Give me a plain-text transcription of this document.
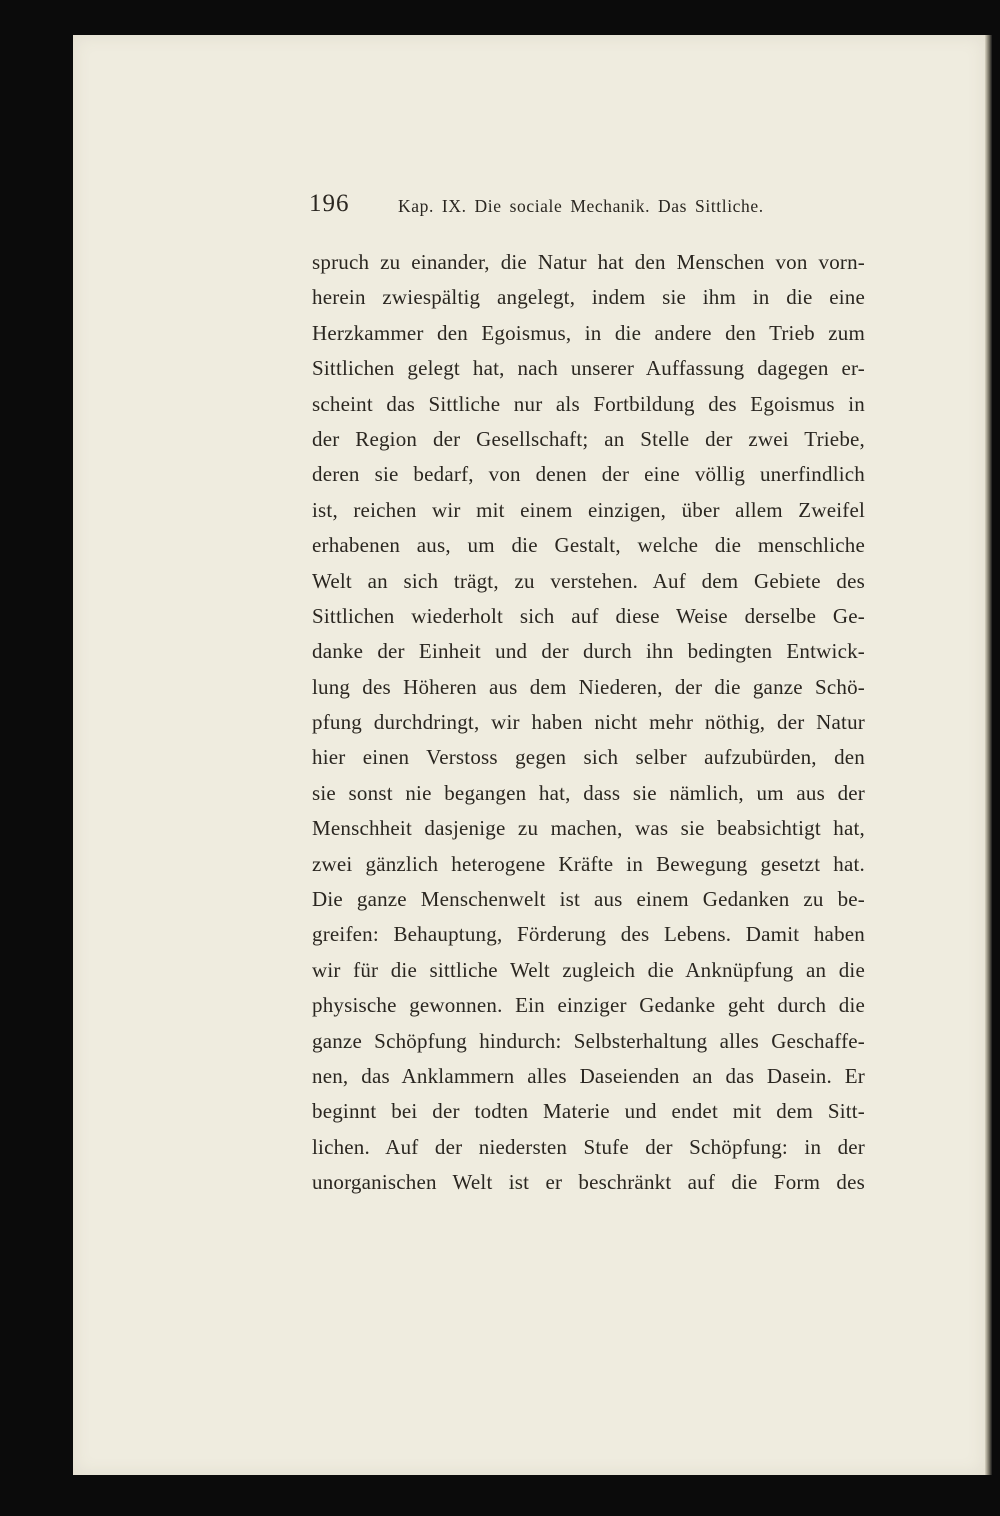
196	Kap. IX. Die sociale Mechanik. Das Sittliche.
spruch zu einander, die Natur hat den Menschen von vorn-
herein zwiespältig angelegt, indem sie ihm in die eine
Herzkammer den Egoismus, in die andere den Trieb zum
Sittlichen gelegt hat, nach unserer Auffassung dagegen er-
scheint das Sittliche nur als Fortbildung des Egoismus in
der Region der Gesellschaft; an Stelle der zwei Triebe,
deren sie bedarf, von denen der eine völlig unerfindlich
ist, reichen wir mit einem einzigen, über allem Zweifel
erhabenen aus, um die Gestalt, welche die menschliche
Welt an sich trägt, zu verstehen. Auf dem Gebiete des
Sittlichen wiederholt sich auf diese Weise derselbe Ge-
danke der Einheit und der durch ihn bedingten Entwick-
lung des Höheren aus dem Niederen, der die ganze Schö-
pfung durchdringt, wir haben nicht mehr nöthig, der Natur
hier einen Verstoss gegen sich selber aufzubürden, den
sie sonst nie begangen hat, dass sie nämlich, um aus der
Menschheit dasjenige zu machen, was sie beabsichtigt hat,
zwei gänzlich heterogene Kräfte in Bewegung gesetzt hat.
Die ganze Menschenwelt ist aus einem Gedanken zu be-
greifen: Behauptung, Förderung des Lebens. Damit haben
wir für die sittliche Welt zugleich die Anknüpfung an die
physische gewonnen. Ein einziger Gedanke geht durch die
ganze Schöpfung hindurch: Selbsterhaltung alles Geschaffe-
nen, das Anklammern alles Daseienden an das Dasein. Er
beginnt bei der todten Materie und endet mit dem Sitt-
lichen. Auf der niedersten Stufe der Schöpfung: in der
unorganischen Welt ist er beschränkt auf die Form des
